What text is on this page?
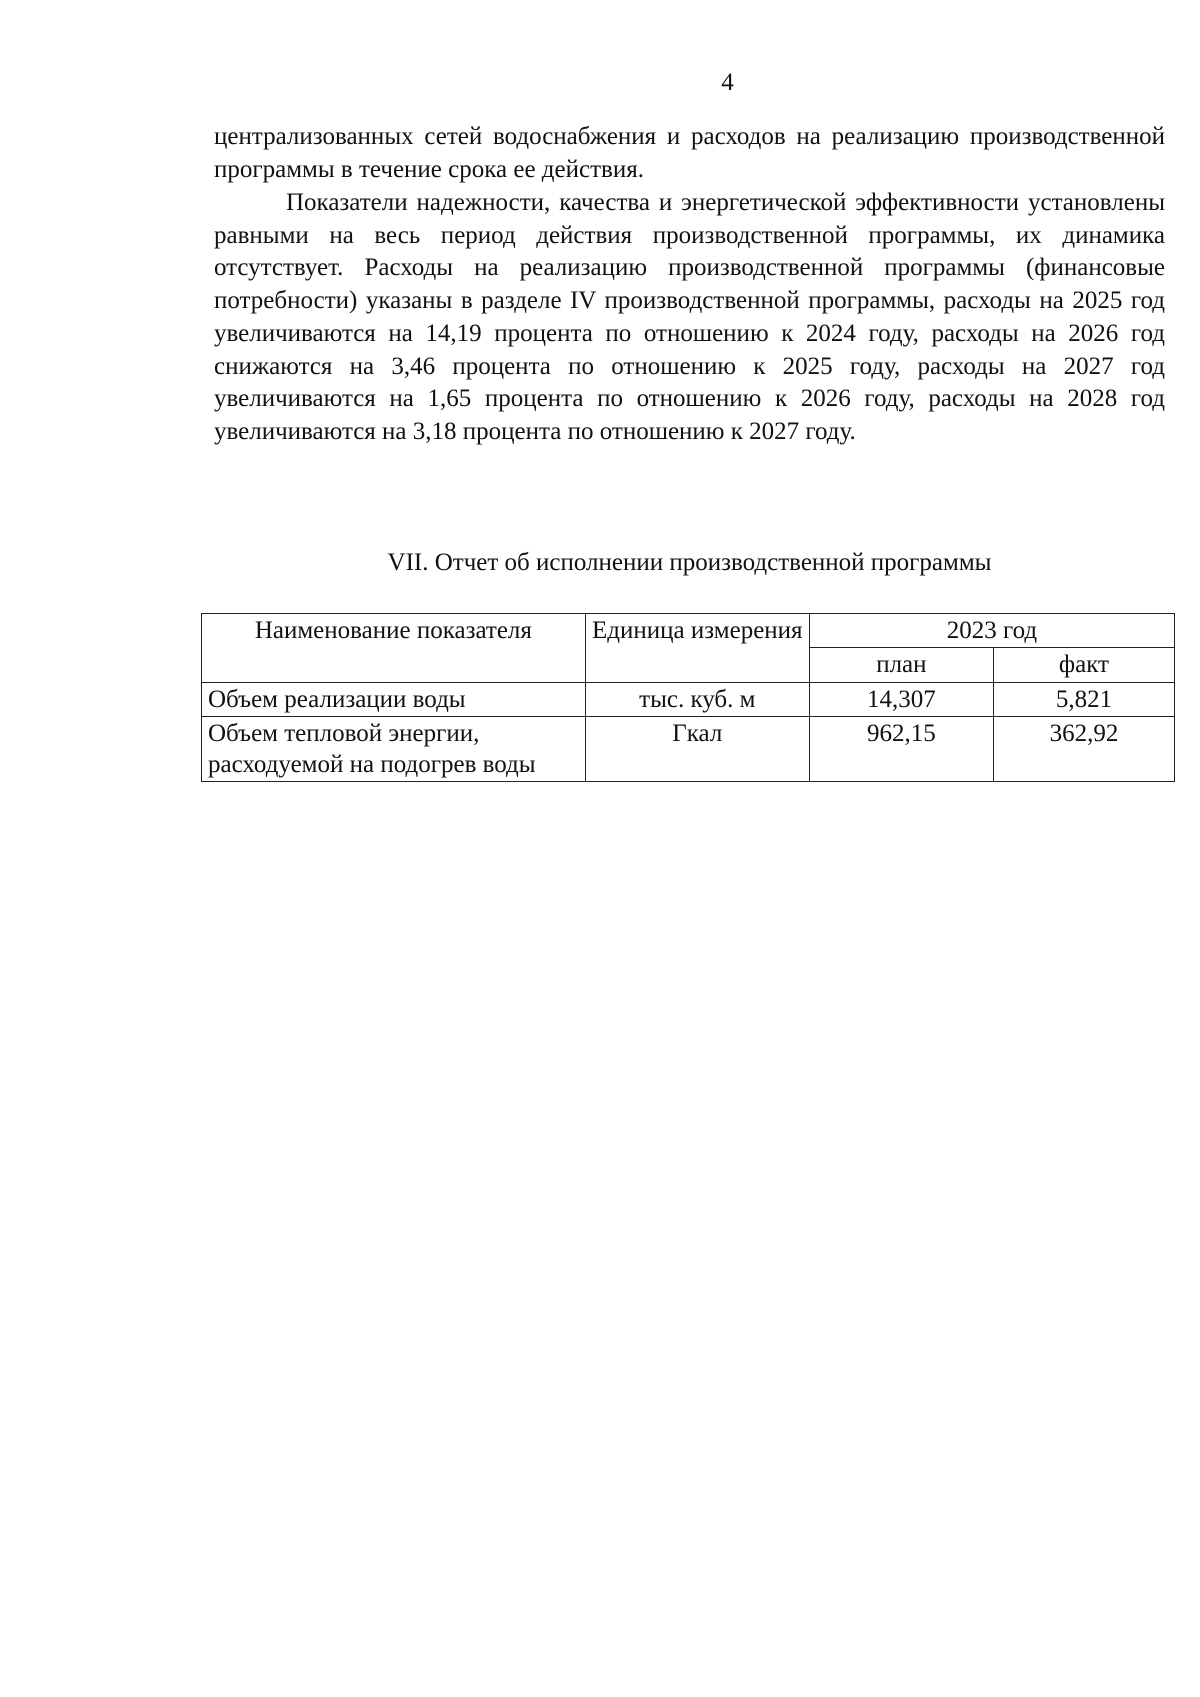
4

централизованных сетей водоснабжения и расходов на реализацию производственной программы в течение срока ее действия.

Показатели надежности, качества и энергетической эффективности установлены равными на весь период действия производственной программы, их динамика отсутствует. Расходы на реализацию производственной программы (финансовые потребности) указаны в разделе IV производственной программы, расходы на 2025 год увеличиваются на 14,19 процента по отношению к 2024 году, расходы на 2026 год снижаются на 3,46 процента по отношению к 2025 году, расходы на 2027 год увеличиваются на 1,65 процента по отношению к 2026 году, расходы на 2028 год увеличиваются на 3,18 процента по отношению к 2027 году.

VII. Отчет об исполнении производственной программы
Наименование показателя	Единица измерения	2023 год	
		план	факт
Объем реализации воды	тыс. куб. м	14,307	5,821
Объем тепловой энергии, расходуемой на подогрев воды	Гкал	962,15	362,92
